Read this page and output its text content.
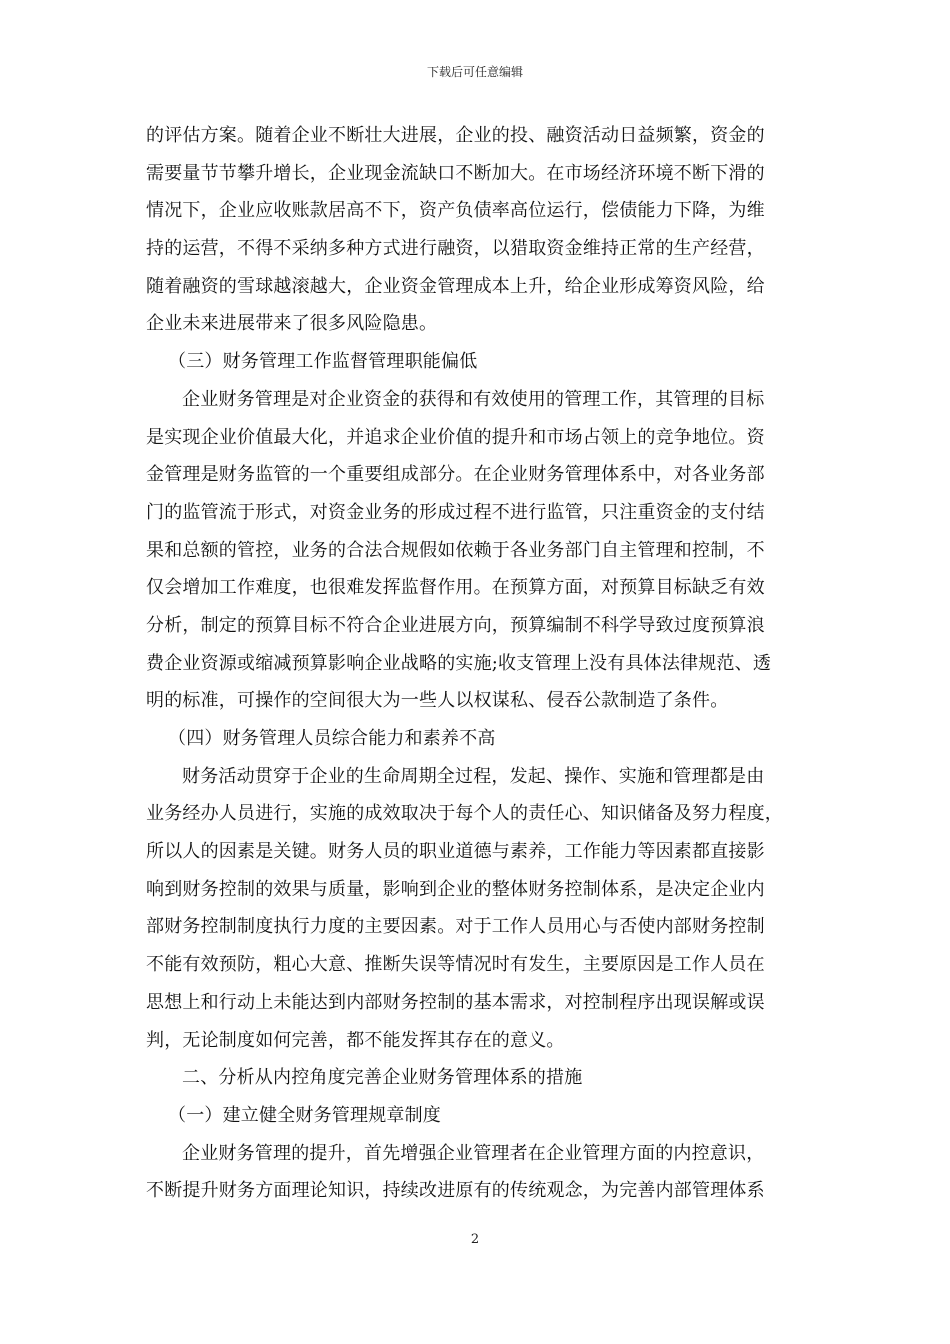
下载后可任意编辑
的评估方案。随着企业不断壮大进展，企业的投、融资活动日益频繁，资金的
需要量节节攀升增长，企业现金流缺口不断加大。在市场经济环境不断下滑的
情况下，企业应收账款居高不下，资产负债率高位运行，偿债能力下降，为维
持的运营，不得不采纳多种方式进行融资，以猎取资金维持正常的生产经营，
随着融资的雪球越滚越大，企业资金管理成本上升，给企业形成筹资风险，给
企业未来进展带来了很多风险隐患。
（三）财务管理工作监督管理职能偏低
企业财务管理是对企业资金的获得和有效使用的管理工作，其管理的目标
是实现企业价值最大化，并追求企业价值的提升和市场占领上的竞争地位。资
金管理是财务监管的一个重要组成部分。在企业财务管理体系中，对各业务部
门的监管流于形式，对资金业务的形成过程不进行监管，只注重资金的支付结
果和总额的管控，业务的合法合规假如依赖于各业务部门自主管理和控制，不
仅会增加工作难度，也很难发挥监督作用。在预算方面，对预算目标缺乏有效
分析，制定的预算目标不符合企业进展方向，预算编制不科学导致过度预算浪
费企业资源或缩减预算影响企业战略的实施;收支管理上没有具体法律规范、透
明的标准，可操作的空间很大为一些人以权谋私、侵吞公款制造了条件。
（四）财务管理人员综合能力和素养不高
财务活动贯穿于企业的生命周期全过程，发起、操作、实施和管理都是由
业务经办人员进行，实施的成效取决于每个人的责任心、知识储备及努力程度，
所以人的因素是关键。财务人员的职业道德与素养，工作能力等因素都直接影
响到财务控制的效果与质量，影响到企业的整体财务控制体系，是决定企业内
部财务控制制度执行力度的主要因素。对于工作人员用心与否使内部财务控制
不能有效预防，粗心大意、推断失误等情况时有发生，主要原因是工作人员在
思想上和行动上未能达到内部财务控制的基本需求，对控制程序出现误解或误
判，无论制度如何完善，都不能发挥其存在的意义。
二、分析从内控角度完善企业财务管理体系的措施
（一）建立健全财务管理规章制度
企业财务管理的提升，首先增强企业管理者在企业管理方面的内控意识，
不断提升财务方面理论知识，持续改进原有的传统观念，为完善内部管理体系
2
